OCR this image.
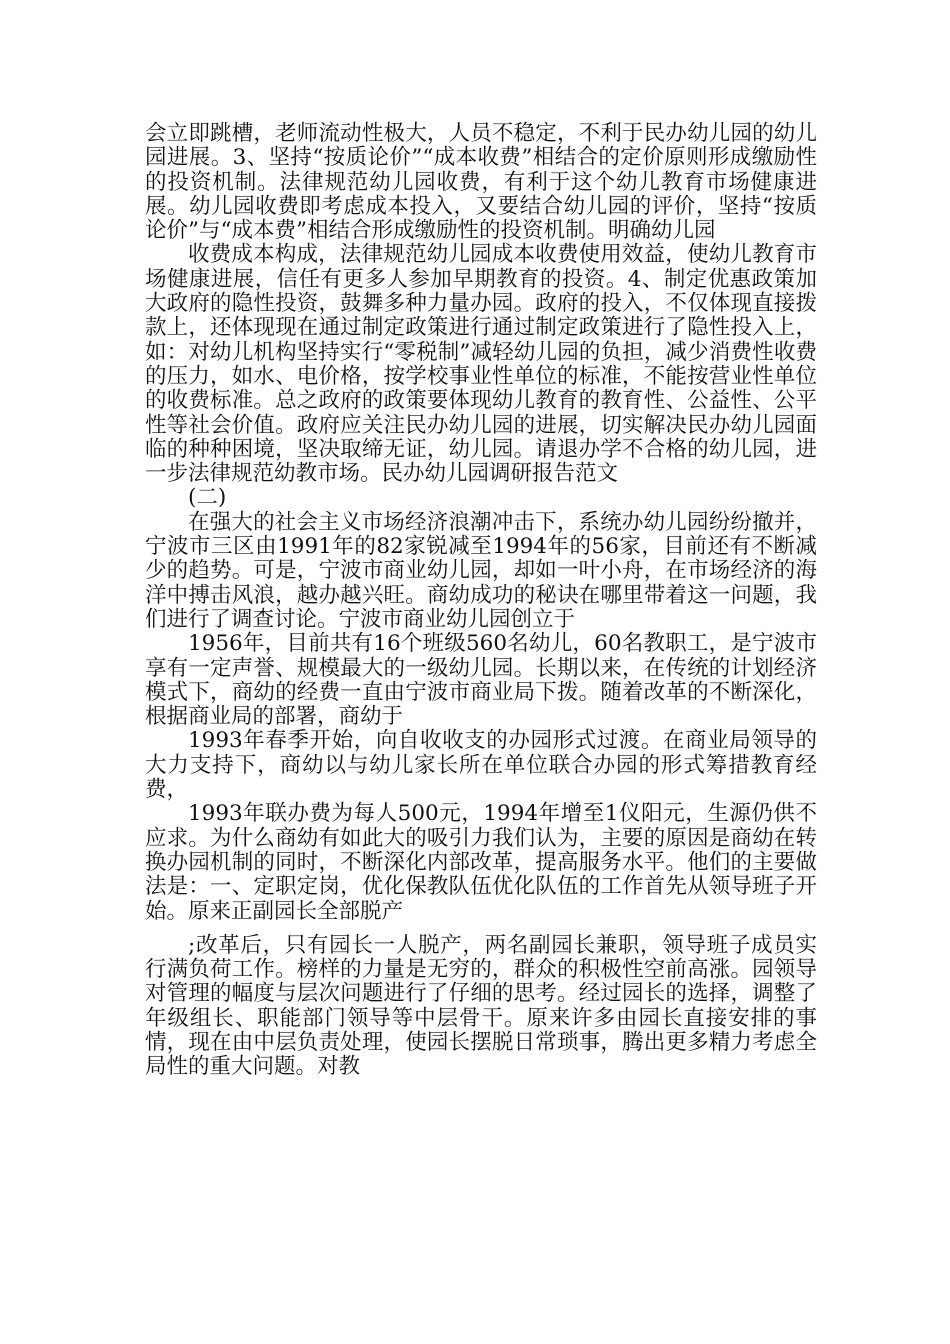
会立即跳槽，老师流动性极大，人员不稳定，不利于民办幼儿园的幼儿园进展。3、坚持“按质论价”“成本收费”相结合的定价原则形成缴励性的投资机制。法律规范幼儿园收费，有利于这个幼儿教育市场健康进展。幼儿园收费即考虑成本投入，又要结合幼儿园的评价，坚持“按质论价”与“成本费”相结合形成缴励性的投资机制。明确幼儿园

收费成本构成，法律规范幼儿园成本收费使用效益，使幼儿教育市场健康进展，信任有更多人参加早期教育的投资。4、制定优惠政策加大政府的隐性投资，鼓舞多种力量办园。政府的投入，不仅体现直接拨款上，还体现现在通过制定政策进行通过制定政策进行了隐性投入上，如：对幼儿机构坚持实行“零税制”减轻幼儿园的负担，减少消费性收费的压力，如水、电价格，按学校事业性单位的标准，不能按营业性单位的收费标准。总之政府的政策要体现幼儿教育的教育性、公益性、公平性等社会价值。政府应关注民办幼儿园的进展，切实解决民办幼儿园面临的种种困境，坚决取缔无证，幼儿园。请退办学不合格的幼儿园，进一步法律规范幼教市场。民办幼儿园调研报告范文

(二)

在强大的社会主义市场经济浪潮冲击下，系统办幼儿园纷纷撤并，宁波市三区由1991年的82家锐减至1994年的56家，目前还有不断减少的趋势。可是，宁波市商业幼儿园，却如一叶小舟，在市场经济的海洋中搏击风浪，越办越兴旺。商幼成功的秘诀在哪里带着这一问题，我们进行了调查讨论。宁波市商业幼儿园创立于

1956年，目前共有16个班级560名幼儿，60名教职工，是宁波市享有一定声誉、规模最大的一级幼儿园。长期以来，在传统的计划经济模式下，商幼的经费一直由宁波市商业局下拨。随着改革的不断深化，根据商业局的部署，商幼于

1993年春季开始，向自收收支的办园形式过渡。在商业局领导的大力支持下，商幼以与幼儿家长所在单位联合办园的形式筹措教育经费，

1993年联办费为每人500元，1994年增至1仪阳元，生源仍供不应求。为什么商幼有如此大的吸引力我们认为，主要的原因是商幼在转换办园机制的同时，不断深化内部改革，提高服务水平。他们的主要做法是：一、定职定岗，优化保教队伍优化队伍的工作首先从领导班子开始。原来正副园长全部脱产

;改革后，只有园长一人脱产，两名副园长兼职，领导班子成员实行满负荷工作。榜样的力量是无穷的，群众的积极性空前高涨。园领导对管理的幅度与层次问题进行了仔细的思考。经过园长的选择，调整了年级组长、职能部门领导等中层骨干。原来许多由园长直接安排的事情，现在由中层负责处理，使园长摆脱日常琐事，腾出更多精力考虑全局性的重大问题。对教
